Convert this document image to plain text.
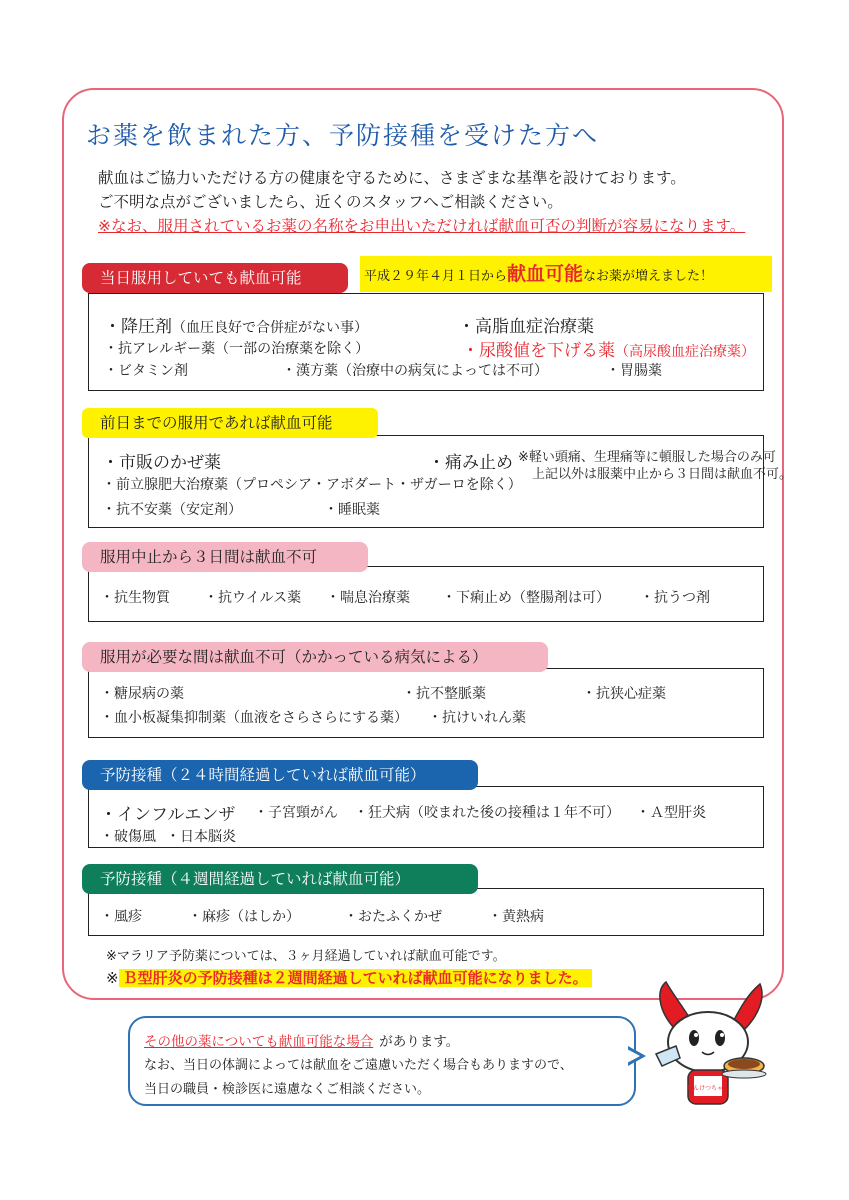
お薬を飲まれた方、予防接種を受けた方へ
献血はご協力いただける方の健康を守るために、さまざまな基準を設けております。
ご不明な点がございましたら、近くのスタッフへご相談ください。
※なお、服用されているお薬の名称をお申出いただければ献血可否の判断が容易になります。
当日服用していても献血可能	平成２９年４月１日から献血可能なお薬が増えました！
・降圧剤（血圧良好で合併症がない事）	・高脂血症治療薬
・抗アレルギー薬（一部の治療薬を除く）	・尿酸値を下げる薬（高尿酸血症治療薬）
・ビタミン剤	・漢方薬（治療中の病気によっては不可）	・胃腸薬
前日までの服用であれば献血可能
・市販のかぜ薬	・痛み止め ※軽い頭痛、生理痛等に頓服した場合のみ可
上記以外は服薬中止から３日間は献血不可。
・前立腺肥大治療薬（プロペシア・アボダート・ザガーロを除く）
・抗不安薬（安定剤）	・睡眠薬
服用中止から３日間は献血不可
・抗生物質 ・抗ウイルス薬 ・喘息治療薬 ・下痢止め（整腸剤は可） ・抗うつ剤
服用が必要な間は献血不可（かかっている病気による）
・糖尿病の薬	・抗不整脈薬	・抗狭心症薬
・血小板凝集抑制薬（血液をさらさらにする薬） ・抗けいれん薬
予防接種（２４時間経過していれば献血可能）
・インフルエンザ ・子宮頸がん ・狂犬病（咬まれた後の接種は１年不可） ・Ａ型肝炎
・破傷風 ・日本脳炎
予防接種（４週間経過していれば献血可能）
・風疹	・麻疹（はしか）	・おたふくかぜ	・黄熱病
※マラリア予防薬については、３ヶ月経過していれば献血可能です。
※ Ｂ型肝炎の予防接種は２週間経過していれば献血可能になりました。
その他の薬についても献血可能な場合 があります。
なお、当日の体調によっては献血をご遠慮いただく場合もありますので、
当日の職員・検診医に遠慮なくご相談ください。	けんけつちゃん
